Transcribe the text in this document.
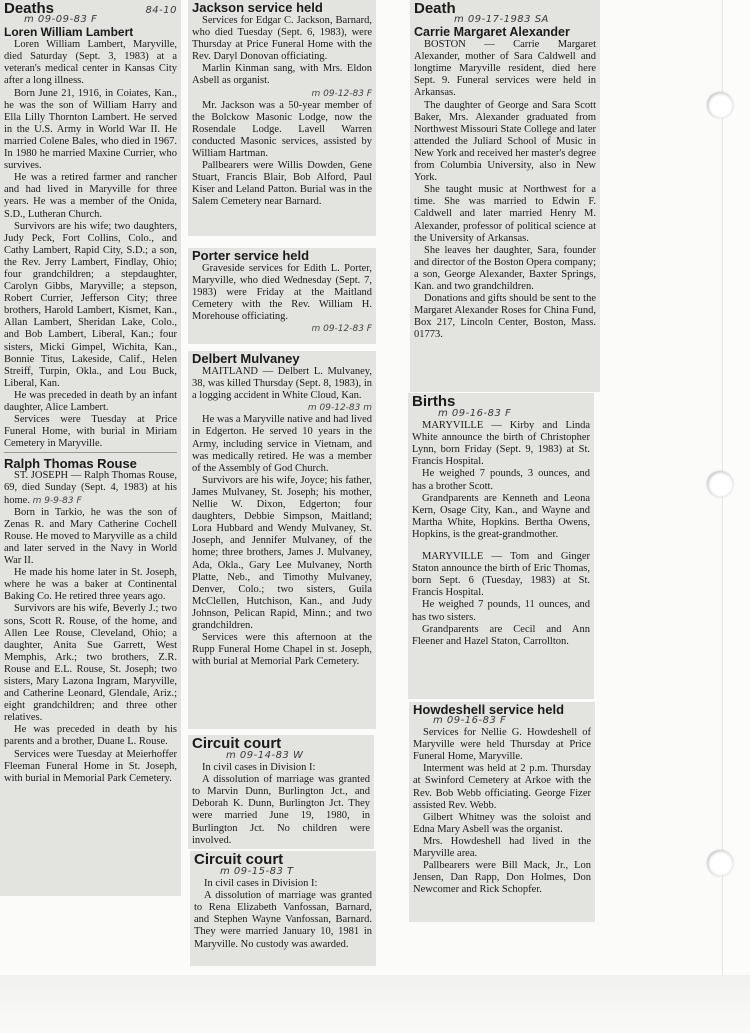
Deaths	84-10
m 09-09-83 F
Loren William Lambert

Loren William Lambert, Maryville, died Saturday (Sept. 3, 1983) at a veteran's medical center in Kansas City after a long illness.

Born June 21, 1916, in Coiates, Kan., he was the son of William Harry and Ella Lilly Thornton Lambert. He served in the U.S. Army in World War II. He married Colene Bales, who died in 1967. In 1980 he married Maxine Currier, who survives.

He was a retired farmer and rancher and had lived in Maryville for three years. He was a member of the Onida, S.D., Lutheran Church.

Survivors are his wife; two daughters, Judy Peck, Fort Collins, Colo., and Cathy Lambert, Rapid City, S.D.; a son, the Rev. Jerry Lambert, Findlay, Ohio; four grandchildren; a stepdaughter, Carolyn Gibbs, Maryville; a stepson, Robert Currier, Jefferson City; three brothers, Harold Lambert, Kismet, Kan., Allan Lambert, Sheridan Lake, Colo., and Bob Lambert, Liberal, Kan.; four sisters, Micki Gimpel, Wichita, Kan., Bonnie Titus, Lakeside, Calif., Helen Streiff, Turpin, Okla., and Lou Buck, Liberal, Kan.

He was preceded in death by an infant daughter, Alice Lambert.

Services were Tuesday at Price Funeral Home, with burial in Miriam Cemetery in Maryville.

Ralph Thomas Rouse

ST. JOSEPH — Ralph Thomas Rouse, 69, died Sunday (Sept. 4, 1983) at his home. m 9-9-83 F

Born in Tarkio, he was the son of Zenas R. and Mary Catherine Cochell Rouse. He moved to Maryville as a child and later served in the Navy in World War II.

He made his home later in St. Joseph, where he was a baker at Continental Baking Co. He retired three years ago.

Survivors are his wife, Beverly J.; two sons, Scott R. Rouse, of the home, and Allen Lee Rouse, Cleveland, Ohio; a daughter, Anita Sue Garrett, West Memphis, Ark.; two brothers, Z.R. Rouse and E.L. Rouse, St. Joseph; two sisters, Mary Lazona Ingram, Maryville, and Catherine Leonard, Glendale, Ariz.; eight grandchildren; and three other relatives.

He was preceded in death by his parents and a brother, Duane L. Rouse.

Services were Tuesday at Meierhoffer Fleeman Funeral Home in St. Joseph, with burial in Memorial Park Cemetery.

Jackson service held

Services for Edgar C. Jackson, Barnard, who died Tuesday (Sept. 6, 1983), were Thursday at Price Funeral Home with the Rev. Daryl Donovan officiating.

Marlin Kinman sang, with Mrs. Eldon Asbell as organist.

m 09-12-83 F

Mr. Jackson was a 50-year member of the Bolckow Masonic Lodge, now the Rosendale Lodge. Lavell Warren conducted Masonic services, assisted by William Hartman.

Pallbearers were Willis Dowden, Gene Stuart, Francis Blair, Bob Alford, Paul Kiser and Leland Patton. Burial was in the Salem Cemetery near Barnard.

Porter service held

Graveside services for Edith L. Porter, Maryville, who died Wednesday (Sept. 7, 1983) were Friday at the Maitland Cemetery with the Rev. William H. Morehouse officiating.

m 09-12-83 F
Delbert Mulvaney

MAITLAND — Delbert L. Mulvaney, 38, was killed Thursday (Sept. 8, 1983), in a logging accident in White Cloud, Kan.

m 09-12-83 m

He was a Maryville native and had lived in Edgerton. He served 10 years in the Army, including service in Vietnam, and was medically retired. He was a member of the Assembly of God Church.

Survivors are his wife, Joyce; his father, James Mulvaney, St. Joseph; his mother, Nellie W. Dixon, Edgerton; four daughters, Debbie Simpson, Maitland; Lora Hubbard and Wendy Mulvaney, St. Joseph, and Jennifer Mulvaney, of the home; three brothers, James J. Mulvaney, Ada, Okla., Gary Lee Mulvaney, North Platte, Neb., and Timothy Mulvaney, Denver, Colo.; two sisters, Guila McClellen, Hutchison, Kan., and Judy Johnson, Pelican Rapid, Minn.; and two grandchildren.

Services were this afternoon at the Rupp Funeral Home Chapel in st. Joseph, with burial at Memorial Park Cemetery.

Circuit court
m 09-14-83 W

In civil cases in Division I:

A dissolution of marriage was granted to Marvin Dunn, Burlington Jct., and Deborah K. Dunn, Burlington Jct. They were married June 19, 1980, in Burlington Jct. No children were involved.

Circuit court
m 09-15-83 T

In civil cases in Division I:

A dissolution of marriage was granted to Rena Elizabeth Vanfossan, Barnard, and Stephen Wayne Vanfossan, Barnard. They were married January 10, 1981 in Maryville. No custody was awarded.

Death
m 09-17-1983 SA
Carrie Margaret Alexander

BOSTON — Carrie Margaret Alexander, mother of Sara Caldwell and longtime Maryville resident, died here Sept. 9. Funeral services were held in Arkansas.

The daughter of George and Sara Scott Baker, Mrs. Alexander graduated from Northwest Missouri State College and later attended the Juliard School of Music in New York and received her master's degree from Columbia University, also in New York.

She taught music at Northwest for a time. She was married to Edwin F. Caldwell and later married Henry M. Alexander, professor of political science at the University of Arkansas.

She leaves her daughter, Sara, founder and director of the Boston Opera company; a son, George Alexander, Baxter Springs, Kan. and two grandchildren.

Donations and gifts should be sent to the Margaret Alexander Roses for China Fund, Box 217, Lincoln Center, Boston, Mass. 01773.

Births
m 09-16-83 F

MARYVILLE — Kirby and Linda White announce the birth of Christopher Lynn, born Friday (Sept. 9, 1983) at St. Francis Hospital.

He weighed 7 pounds, 3 ounces, and has a brother Scott.

Grandparents are Kenneth and Leona Kern, Osage City, Kan., and Wayne and Martha White, Hopkins. Bertha Owens, Hopkins, is the great-grandmother.

MARYVILLE — Tom and Ginger Staton announce the birth of Eric Thomas, born Sept. 6 (Tuesday, 1983) at St. Francis Hospital.

He weighed 7 pounds, 11 ounces, and has two sisters.

Grandparents are Cecil and Ann Fleener and Hazel Staton, Carrollton.

Howdeshell service held
m 09-16-83 F

Services for Nellie G. Howdeshell of Maryville were held Thursday at Price Funeral Home, Maryville.

Interment was held at 2 p.m. Thursday at Swinford Cemetery at Arkoe with the Rev. Bob Webb officiating. George Fizer assisted Rev. Webb.

Gilbert Whitney was the soloist and Edna Mary Asbell was the organist.

Mrs. Howdeshell had lived in the Maryville area.

Pallbearers were Bill Mack, Jr., Lon Jensen, Dan Rapp, Don Holmes, Don Newcomer and Rick Schopfer.
